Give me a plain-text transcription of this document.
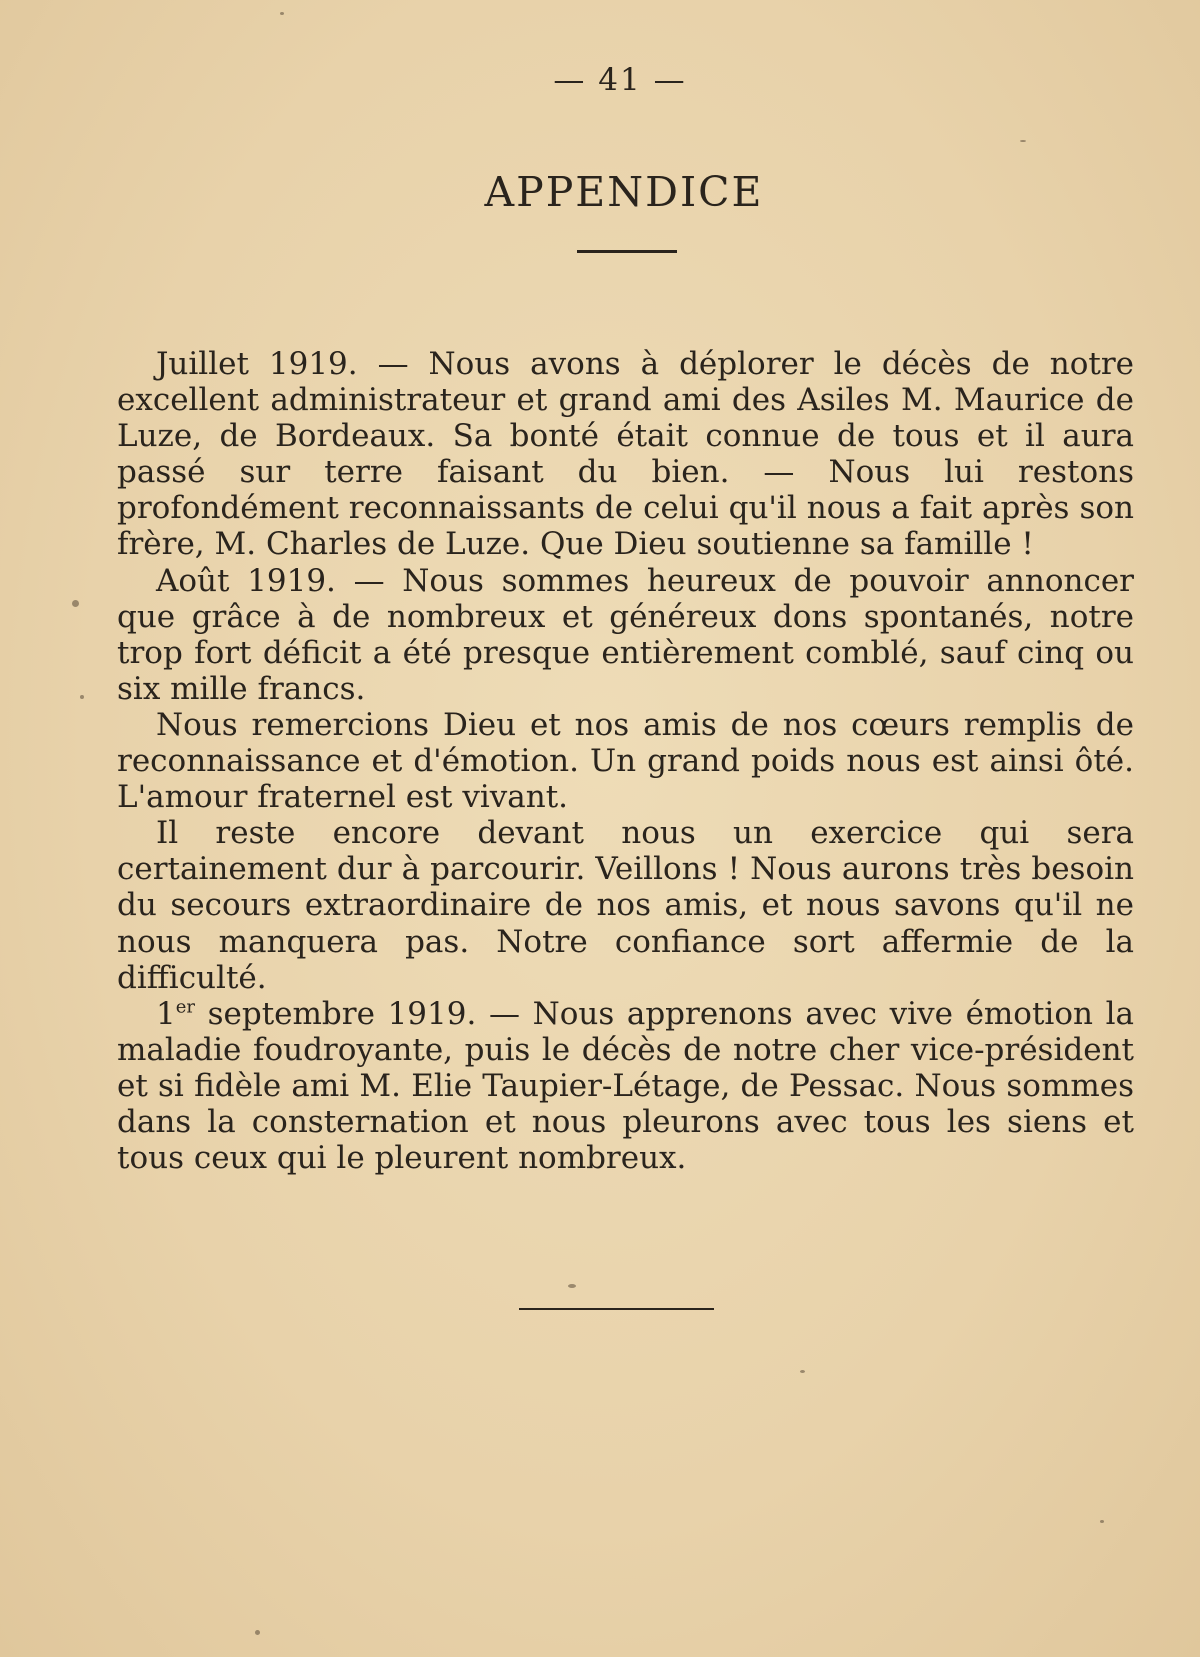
— 41 —
APPENDICE

Juillet 1919. — Nous avons à déplorer le décès de notre excellent administrateur et grand ami des Asiles M. Maurice de Luze, de Bordeaux. Sa bonté était connue de tous et il aura passé sur terre faisant du bien. — Nous lui restons profondément reconnaissants de celui qu'il nous a fait après son frère, M. Charles de Luze. Que Dieu soutienne sa famille !

Août 1919. — Nous sommes heureux de pouvoir annoncer que grâce à de nombreux et généreux dons spontanés, notre trop fort déficit a été presque entièrement comblé, sauf cinq ou six mille francs.

Nous remercions Dieu et nos amis de nos cœurs remplis de reconnaissance et d'émotion. Un grand poids nous est ainsi ôté. L'amour fraternel est vivant.

Il reste encore devant nous un exercice qui sera certainement dur à parcourir. Veillons ! Nous aurons très besoin du secours extraordinaire de nos amis, et nous savons qu'il ne nous manquera pas. Notre confiance sort affermie de la difficulté.

1er septembre 1919. — Nous apprenons avec vive émotion la maladie foudroyante, puis le décès de notre cher vice-président et si fidèle ami M. Elie Taupier-Létage, de Pessac. Nous sommes dans la consternation et nous pleurons avec tous les siens et tous ceux qui le pleurent nombreux.
